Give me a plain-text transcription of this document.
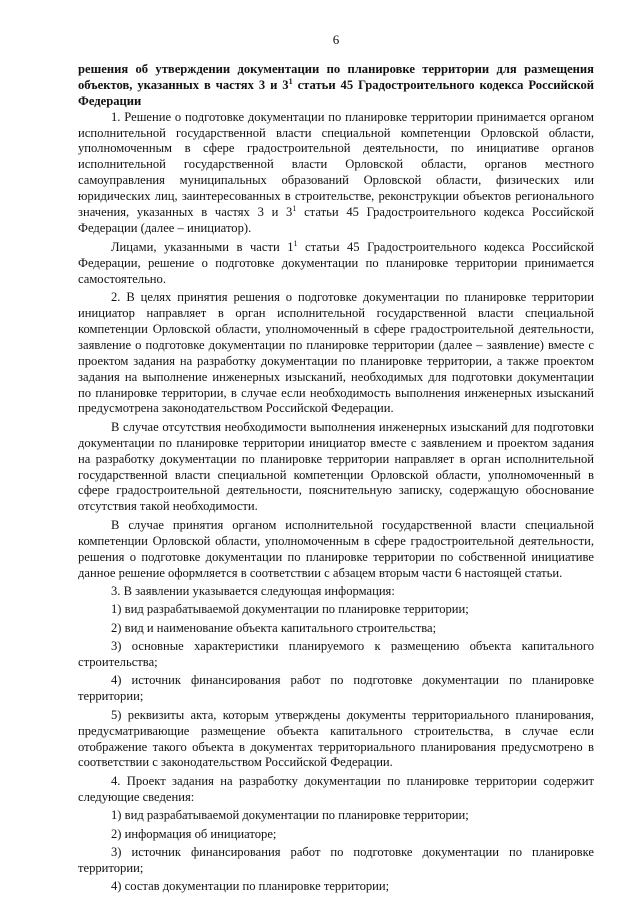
6
решения об утверждении документации по планировке территории для размещения объектов, указанных в частях 3 и $3^1$ статьи 45 Градостроительного кодекса Российской Федерации

1. Решение о подготовке документации по планировке территории принимается органом исполнительной государственной власти специальной компетенции Орловской области, уполномоченным в сфере градостроительной деятельности, по инициативе органов исполнительной государственной власти Орловской области, органов местного самоуправления муниципальных образований Орловской области, физических или юридических лиц, заинтересованных в строительстве, реконструкции объектов регионального значения, указанных в частях 3 и $3^1$ статьи 45 Градостроительного кодекса Российской Федерации (далее – инициатор).

Лицами, указанными в части $1^1$ статьи 45 Градостроительного кодекса Российской Федерации, решение о подготовке документации по планировке территории принимается самостоятельно.

2. В целях принятия решения о подготовке документации по планировке территории инициатор направляет в орган исполнительной государственной власти специальной компетенции Орловской области, уполномоченный в сфере градостроительной деятельности, заявление о подготовке документации по планировке территории (далее – заявление) вместе с проектом задания на разработку документации по планировке территории, а также проектом задания на выполнение инженерных изысканий, необходимых для подготовки документации по планировке территории, в случае если необходимость выполнения инженерных изысканий предусмотрена законодательством Российской Федерации.

В случае отсутствия необходимости выполнения инженерных изысканий для подготовки документации по планировке территории инициатор вместе с заявлением и проектом задания на разработку документации по планировке территории направляет в орган исполнительной государственной власти специальной компетенции Орловской области, уполномоченный в сфере градостроительной деятельности, пояснительную записку, содержащую обоснование отсутствия такой необходимости.

В случае принятия органом исполнительной государственной власти специальной компетенции Орловской области, уполномоченным в сфере градостроительной деятельности, решения о подготовке документации по планировке территории по собственной инициативе данное решение оформляется в соответствии с абзацем вторым части 6 настоящей статьи.

3. В заявлении указывается следующая информация:

1) вид разрабатываемой документации по планировке территории;

2) вид и наименование объекта капитального строительства;

3) основные характеристики планируемого к размещению объекта капитального строительства;

4) источник финансирования работ по подготовке документации по планировке территории;

5) реквизиты акта, которым утверждены документы территориального планирования, предусматривающие размещение объекта капитального строительства, в случае если отображение такого объекта в документах территориального планирования предусмотрено в соответствии с законодательством Российской Федерации.

4. Проект задания на разработку документации по планировке территории содержит следующие сведения:

1) вид разрабатываемой документации по планировке территории;

2) информация об инициаторе;

3) источник финансирования работ по подготовке документации по планировке территории;

4) состав документации по планировке территории;
